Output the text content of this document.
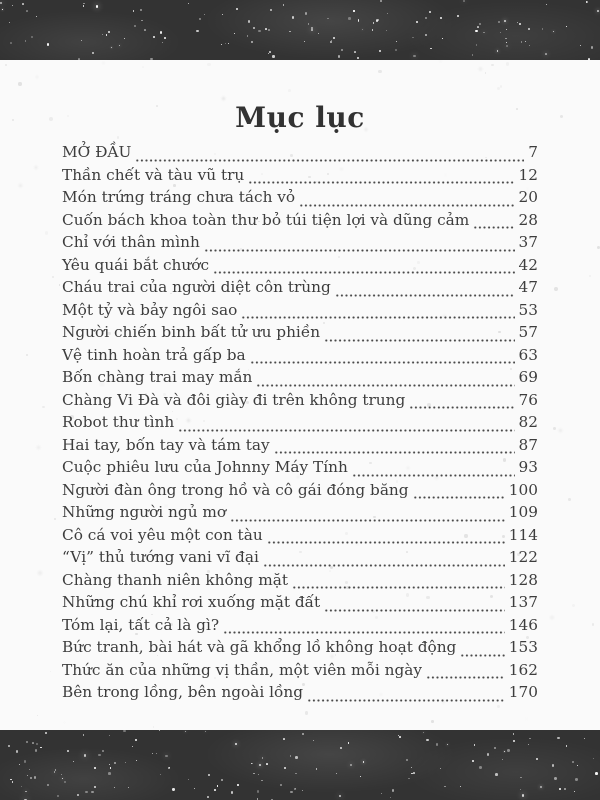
Mục lục
MỞ ĐẦU	7
Thần chết và tàu vũ trụ	12
Món trứng tráng chưa tách vỏ	20
Cuốn bách khoa toàn thư bỏ túi tiện lợi và dũng cảm	28
Chỉ với thân mình	37
Yêu quái bắt chước	42
Cháu trai của người diệt côn trùng	47
Một tỷ và bảy ngôi sao	53
Người chiến binh bất tử ưu phiền	57
Vệ tinh hoàn trả gấp ba	63
Bốn chàng trai may mắn	69
Chàng Vi Đà và đôi giày đi trên không trung	76
Robot thư tình	82
Hai tay, bốn tay và tám tay	87
Cuộc phiêu lưu của Johnny Máy Tính	93
Người đàn ông trong hồ và cô gái đóng băng	100
Những người ngủ mơ	109
Cô cá voi yêu một con tàu	114
“Vị” thủ tướng vani vĩ đại	122
Chàng thanh niên không mặt	128
Những chú khỉ rơi xuống mặt đất	137
Tóm lại, tất cả là gì?	146
Bức tranh, bài hát và gã khổng lồ không hoạt động	153
Thức ăn của những vị thần, một viên mỗi ngày	162
Bên trong lồng, bên ngoài lồng	170
